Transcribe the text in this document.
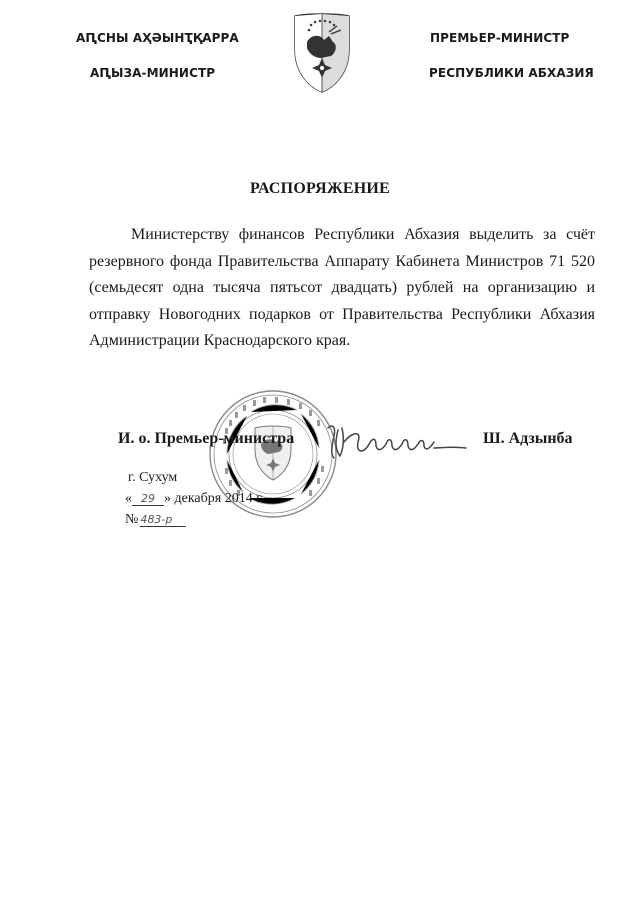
АԤСНЫ АҲӘЫНҬҚАРРА
АԤЫЗА-МИНИСТР
ПРЕМЬЕР-МИНИСТР
РЕСПУБЛИКИ АБХАЗИЯ
РАСПОРЯЖЕНИЕ

Министерству финансов Республики Абхазия выделить за счёт резервного фонда Правительства Аппарату Кабинета Министров 71 520 (семьдесят одна тысяча пятьсот двадцать) рублей на организацию и отправку Новогодних подарков от Правительства Республики Абхазия Администрации Краснодарского края.

И. о. Премьер-министра	Ш. Адзынба
г. Сухум
« 29 » декабря 2014 г.
№ 483-р
